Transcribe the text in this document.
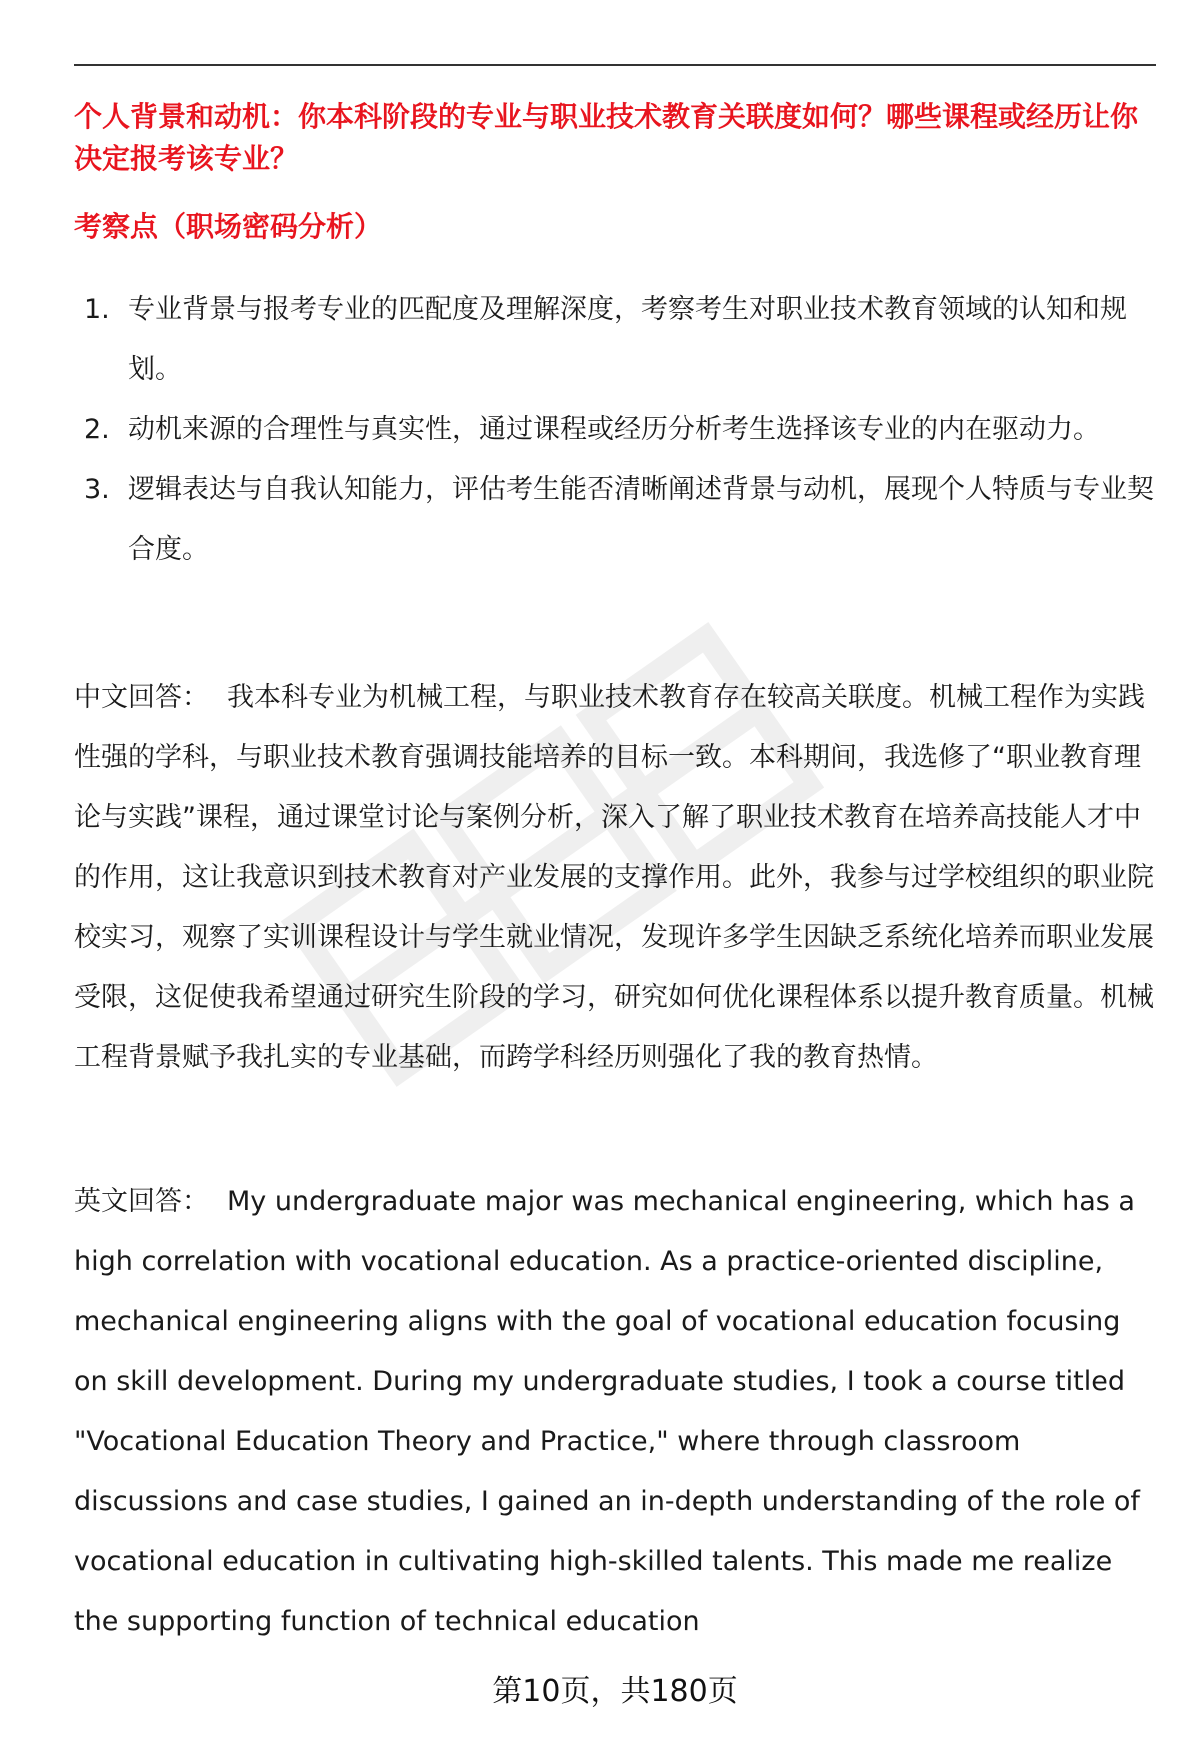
个人背景和动机：你本科阶段的专业与职业技术教育关联度如何？哪些课程或经历让你决定报考该专业？
考察点（职场密码分析）
1. 专业背景与报考专业的匹配度及理解深度，考察考生对职业技术教育领域的认知和规划。
2. 动机来源的合理性与真实性，通过课程或经历分析考生选择该专业的内在驱动力。
3. 逻辑表达与自我认知能力，评估考生能否清晰阐述背景与动机，展现个人特质与专业契合度。

中文回答： 我本科专业为机械工程，与职业技术教育存在较高关联度。机械工程作为实践性强的学科，与职业技术教育强调技能培养的目标一致。本科期间，我选修了“职业教育理论与实践”课程，通过课堂讨论与案例分析，深入了解了职业技术教育在培养高技能人才中的作用，这让我意识到技术教育对产业发展的支撑作用。此外，我参与过学校组织的职业院校实习，观察了实训课程设计与学生就业情况，发现许多学生因缺乏系统化培养而职业发展受限，这促使我希望通过研究生阶段的学习，研究如何优化课程体系以提升教育质量。机械工程背景赋予我扎实的专业基础，而跨学科经历则强化了我的教育热情。

英文回答： My undergraduate major was mechanical engineering, which has a high correlation with vocational education. As a practice-oriented discipline, mechanical engineering aligns with the goal of vocational education focusing on skill development. During my undergraduate studies, I took a course titled "Vocational Education Theory and Practice," where through classroom discussions and case studies, I gained an in-depth understanding of the role of vocational education in cultivating high-skilled talents. This made me realize the supporting function of technical education

第10页，共180页
